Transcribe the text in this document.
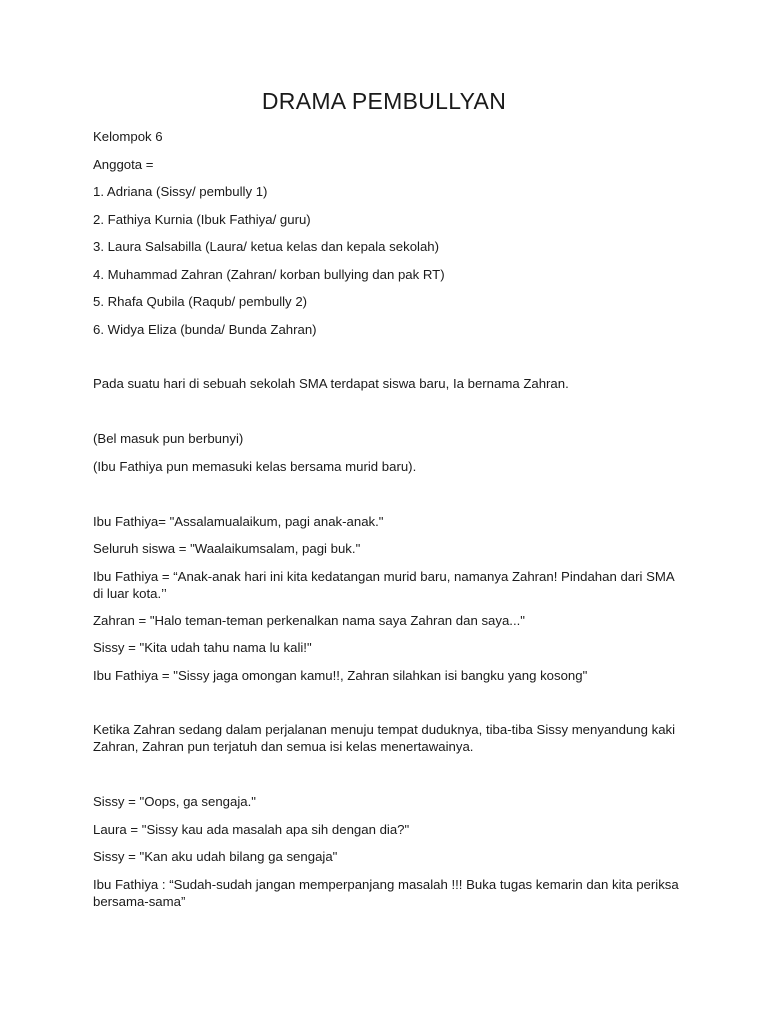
DRAMA PEMBULLYAN

Kelompok 6

Anggota =

1. Adriana (Sissy/ pembully 1)

2. Fathiya Kurnia (Ibuk Fathiya/ guru)

3. Laura Salsabilla (Laura/ ketua kelas dan kepala sekolah)

4. Muhammad Zahran (Zahran/ korban bullying dan pak RT)

5. Rhafa Qubila (Raqub/ pembully 2)

6. Widya Eliza (bunda/ Bunda Zahran)

Pada suatu hari di sebuah sekolah SMA terdapat siswa baru, Ia bernama Zahran.

(Bel masuk pun berbunyi)

(Ibu Fathiya pun memasuki kelas bersama murid baru).

Ibu Fathiya= "Assalamualaikum, pagi anak-anak."

Seluruh siswa = "Waalaikumsalam, pagi buk."

Ibu Fathiya = “Anak-anak hari ini kita kedatangan murid baru, namanya Zahran! Pindahan dari SMA di luar kota.’’

Zahran = "Halo teman-teman perkenalkan nama saya Zahran dan saya..."

Sissy = "Kita udah tahu nama lu kali!"

Ibu Fathiya = "Sissy jaga omongan kamu!!, Zahran silahkan isi bangku yang kosong"

Ketika Zahran sedang dalam perjalanan menuju tempat duduknya, tiba-tiba Sissy menyandung kaki Zahran, Zahran pun terjatuh dan semua isi kelas menertawainya.

Sissy = "Oops, ga sengaja."

Laura = "Sissy kau ada masalah apa sih dengan dia?"

Sissy = "Kan aku udah bilang ga sengaja"

Ibu Fathiya : “Sudah-sudah jangan memperpanjang masalah !!! Buka tugas kemarin dan kita periksa bersama-sama”
